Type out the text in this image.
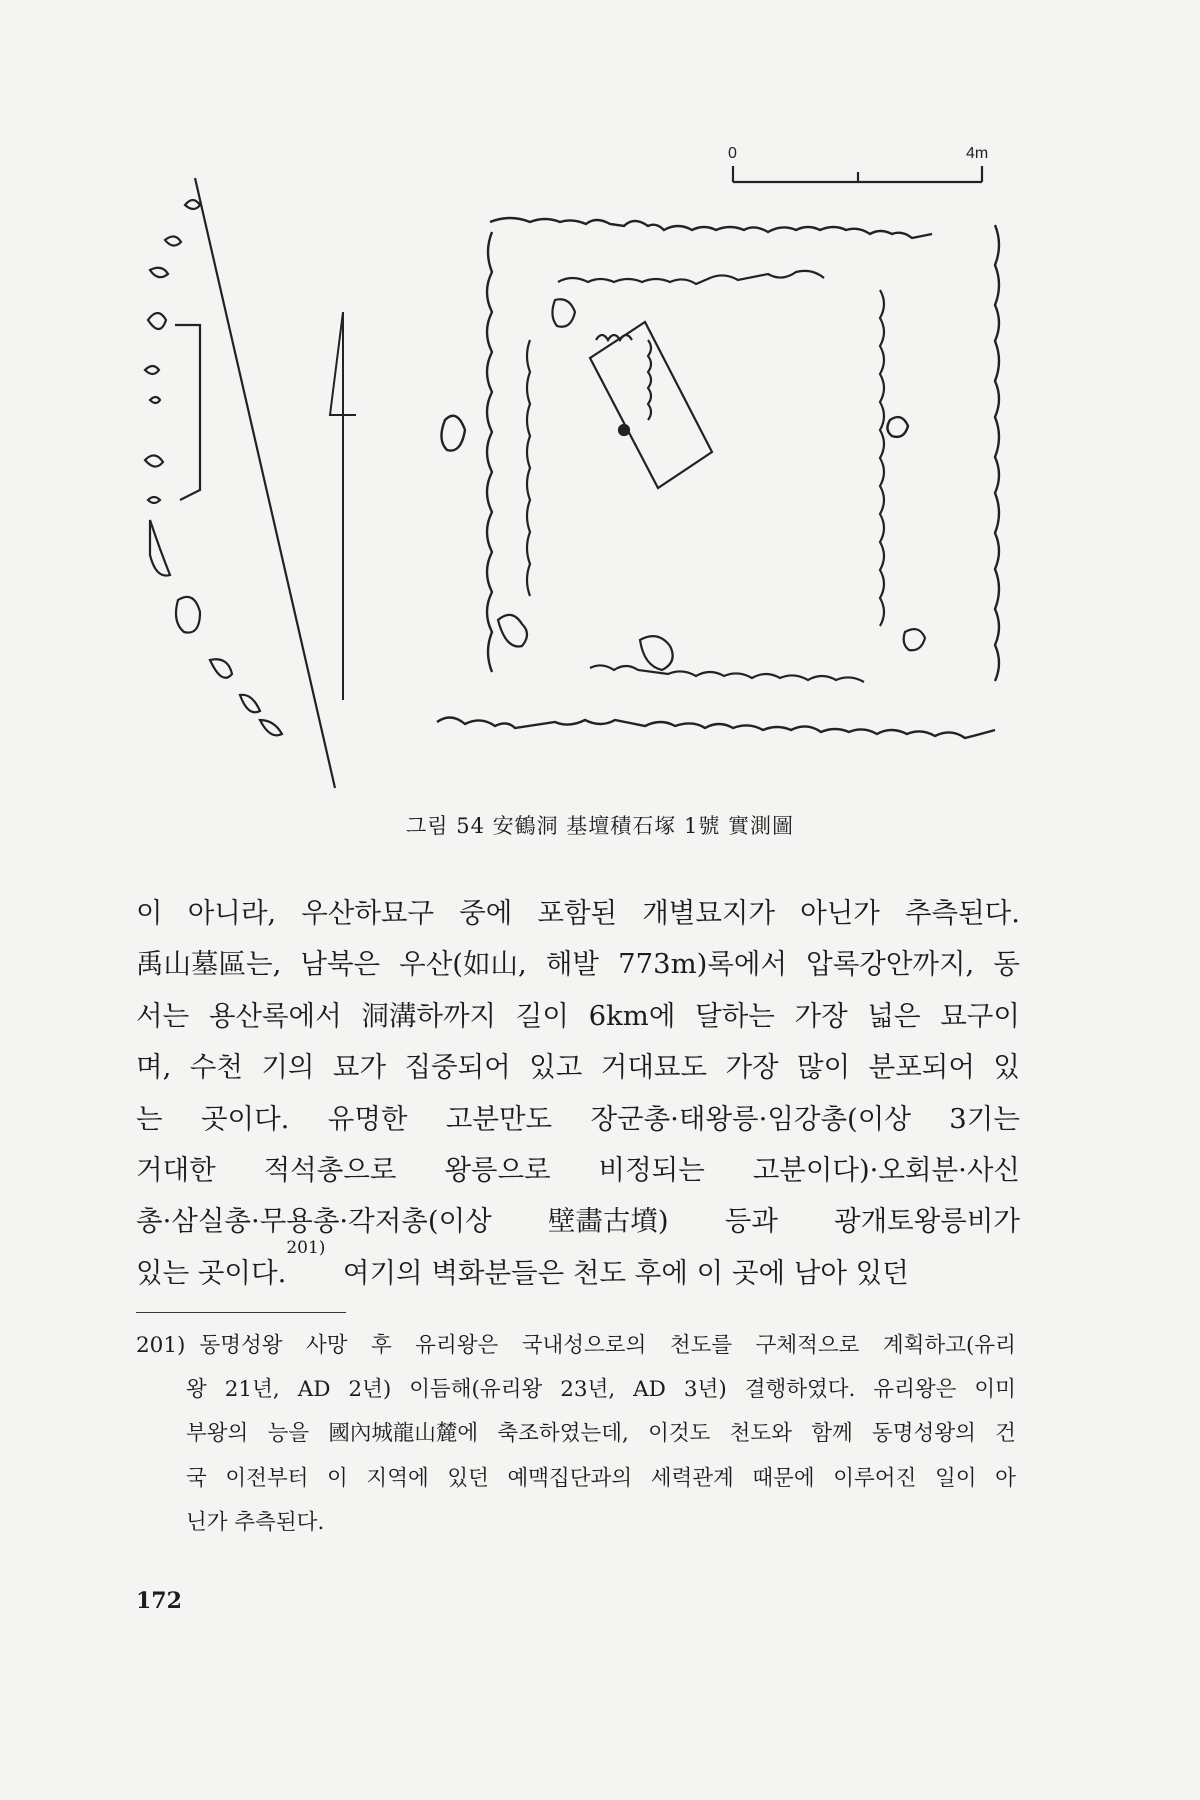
0	4m
그림 54 安鶴洞 基壇積石塚 1號 實測圖
이 아니라, 우산하묘구 중에 포함된 개별묘지가 아닌가 추측된다.
禹山墓區는, 남북은 우산(如山, 해발 773m)록에서 압록강안까지, 동
서는 용산록에서 洞溝하까지 길이 6km에 달하는 가장 넓은 묘구이
며, 수천 기의 묘가 집중되어 있고 거대묘도 가장 많이 분포되어 있
는 곳이다. 유명한 고분만도 장군총·태왕릉·임강총(이상 3기는
거대한 적석총으로 왕릉으로 비정되는 고분이다)·오회분·사신
총·삼실총·무용총·각저총(이상 壁畵古墳) 등과 광개토왕릉비가
있는 곳이다.
201)

여기의 벽화분들은 천도 후에 이 곳에 남아 있던
201) 동명성왕 사망 후 유리왕은 국내성으로의 천도를 구체적으로 계획하고(유리
왕 21년, AD 2년) 이듬해(유리왕 23년, AD 3년) 결행하였다. 유리왕은 이미
부왕의 능을 國內城龍山麓에 축조하였는데, 이것도 천도와 함께 동명성왕의 건
국 이전부터 이 지역에 있던 예맥집단과의 세력관계 때문에 이루어진 일이 아
닌가 추측된다.
172
